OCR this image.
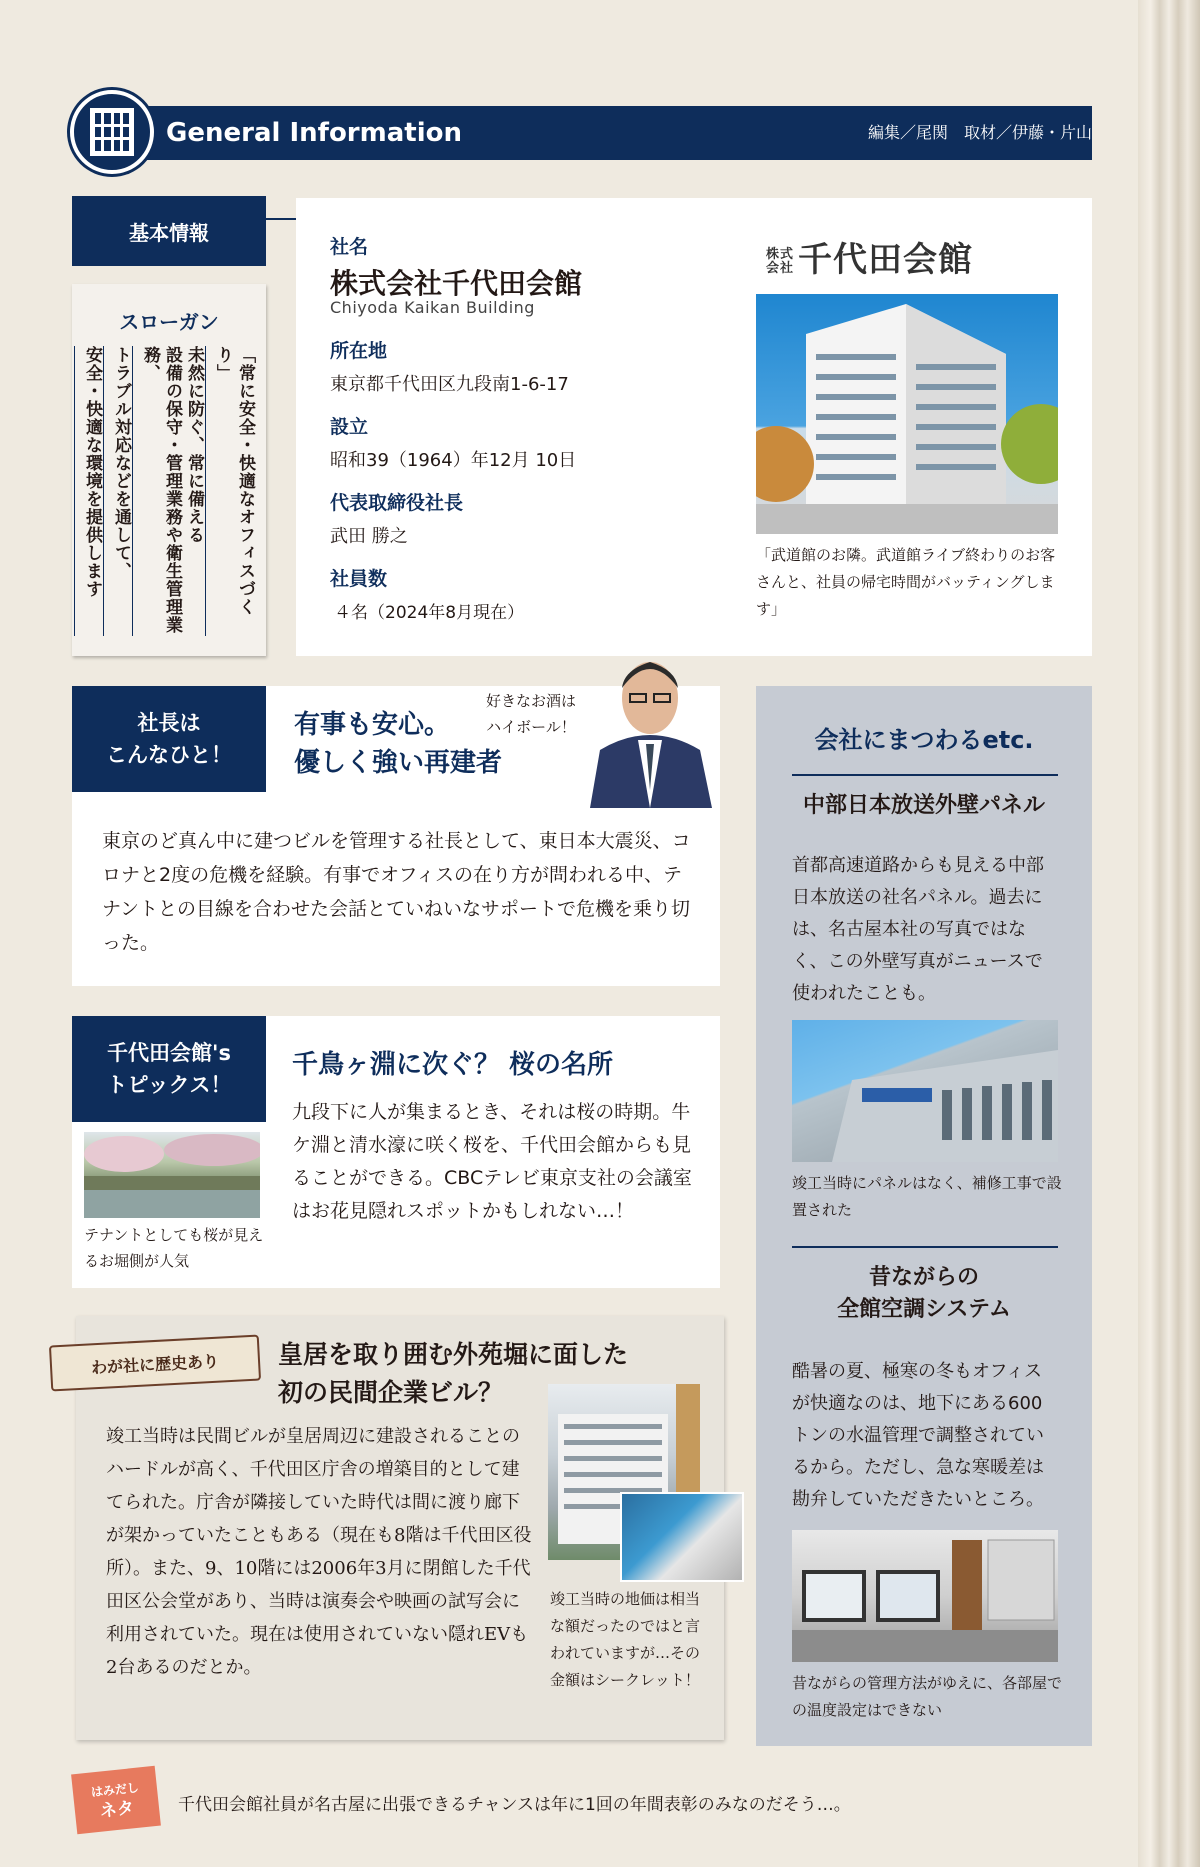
General Information	編集／尾関　取材／伊藤・片山
基本情報
社名
株式会社千代田会館
Chiyoda Kaikan Building
所在地
東京都千代田区九段南1-6-17
設立
昭和39（1964）年12月 10日
代表取締役社長
武田 勝之
社員数
４名（2024年8月現在）
株式会社 千代田会館
「武道館のお隣。武道館ライブ終わりのお客さんと、社員の帰宅時間がバッティングします」
スローガン
「常に安全・快適なオフィスづくり」
未然に防ぐ、常に備える
設備の保守・管理業務や衛生管理業務、
トラブル対応などを通して、
安全・快適な環境を提供します
社長は
こんなひと！
有事も安心。
優しく強い再建者
好きなお酒は
ハイボール！
東京のど真ん中に建つビルを管理する社長として、東日本大震災、コロナと2度の危機を経験。有事でオフィスの在り方が問われる中、テナントとの目線を合わせた会話とていねいなサポートで危機を乗り切った。
千代田会館's
トピックス！
千鳥ヶ淵に次ぐ？ 桜の名所
テナントとしても桜が見えるお堀側が人気
九段下に人が集まるとき、それは桜の時期。牛ケ淵と清水濠に咲く桜を、千代田会館からも見ることができる。CBCテレビ東京支社の会議室はお花見隠れスポットかもしれない…！
わが社に歴史あり	皇居を取り囲む外苑堀に面した
初の民間企業ビル？
竣工当時は民間ビルが皇居周辺に建設されることのハードルが高く、千代田区庁舎の増築目的として建てられた。庁舎が隣接していた時代は間に渡り廊下が架かっていたこともある（現在も8階は千代田区役所）。また、9、10階には2006年3月に閉館した千代田区公会堂があり、当時は演奏会や映画の試写会に利用されていた。現在は使用されていない隠れEVも2台あるのだとか。
竣工当時の地価は相当な額だったのではと言われていますが…その金額はシークレット！
会社にまつわるetc.
中部日本放送外壁パネル
首都高速道路からも見える中部日本放送の社名パネル。過去には、名古屋本社の写真ではなく、この外壁写真がニュースで使われたことも。
竣工当時にパネルはなく、補修工事で設置された
昔ながらの
全館空調システム
酷暑の夏、極寒の冬もオフィスが快適なのは、地下にある600トンの水温管理で調整されているから。ただし、急な寒暖差は勘弁していただきたいところ。
昔ながらの管理方法がゆえに、各部屋での温度設定はできない
はみだし
ネタ	千代田会館社員が名古屋に出張できるチャンスは年に1回の年間表彰のみなのだそう…。
